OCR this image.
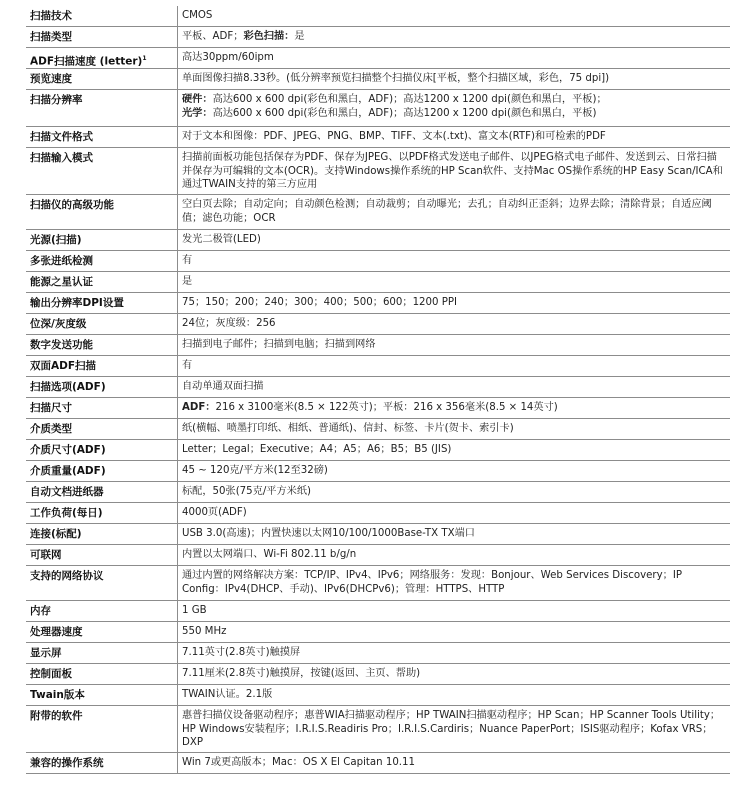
扫描技术	CMOS
扫描类型	平板、ADF；彩色扫描：是
ADF扫描速度 (letter)$^1$	高达30ppm/60ipm
预览速度	单面图像扫描8.33秒。(低分辨率预览扫描整个扫描仪床[平板，整个扫描区域，彩色，75 dpi])
扫描分辨率	硬件：高达600 x 600 dpi(彩色和黑白，ADF)；高达1200 x 1200 dpi(颜色和黑白，平板)；
光学：高达600 x 600 dpi(彩色和黑白，ADF)；高达1200 x 1200 dpi(颜色和黑白，平板)
扫描文件格式	对于文本和图像：PDF、JPEG、PNG、BMP、TIFF、文本(.txt)、富文本(RTF)和可检索的PDF
扫描输入模式	扫描前面板功能包括保存为PDF、保存为JPEG、以PDF格式发送电子邮件、以JPEG格式电子邮件、发送到云、日常扫描并保存为可编辑的文本(OCR)。支持Windows操作系统的HP Scan软件、支持Mac OS操作系统的HP Easy Scan/ICA和通过TWAIN支持的第三方应用
扫描仪的高级功能	空白页去除；自动定向；自动颜色检测；自动裁剪；自动曝光；去孔；自动纠正歪斜；边界去除；清除背景；自适应阈值；滤色功能；OCR
光源(扫描)	发光二极管(LED)
多张进纸检测	有
能源之星认证	是
输出分辨率DPI设置	75；150；200；240；300；400；500；600；1200 PPI
位深/灰度级	24位；灰度级：256
数字发送功能	扫描到电子邮件；扫描到电脑；扫描到网络
双面ADF扫描	有
扫描选项(ADF)	自动单通双面扫描
扫描尺寸	ADF：216 x 3100毫米(8.5 × 122英寸)；平板：216 x 356毫米(8.5 × 14英寸)
介质类型	纸(横幅、喷墨打印纸、相纸、普通纸)、信封、标签、卡片(贺卡、索引卡)
介质尺寸(ADF)	Letter；Legal；Executive；A4；A5；A6；B5；B5 (JIS)
介质重量(ADF)	45 ~ 120克/平方米(12至32磅)
自动文档进纸器	标配，50张(75克/平方米纸)
工作负荷(每日)	4000页(ADF)
连接(标配)	USB 3.0(高速)；内置快速以太网10/100/1000Base-TX TX端口
可联网	内置以太网端口、Wi-Fi 802.11 b/g/n
支持的网络协议	通过内置的网络解决方案：TCP/IP、IPv4、IPv6；网络服务：发现：Bonjour、Web Services Discovery；IP Config：IPv4(DHCP、手动)、IPv6(DHCPv6)；管理：HTTPS、HTTP
内存	1 GB
处理器速度	550 MHz
显示屏	7.11英寸(2.8英寸)触摸屏
控制面板	7.11厘米(2.8英寸)触摸屏，按键(返回、主页、帮助)
Twain版本	TWAIN认证。2.1版
附带的软件	惠普扫描仪设备驱动程序；惠普WIA扫描驱动程序；HP TWAIN扫描驱动程序；HP Scan；HP Scanner Tools Utility；HP Windows安装程序；I.R.I.S.Readiris Pro；I.R.I.S.Cardiris；Nuance PaperPort；ISIS驱动程序；Kofax VRS；DXP
兼容的操作系统	Win 7或更高版本；Mac：OS X El Capitan 10.11
